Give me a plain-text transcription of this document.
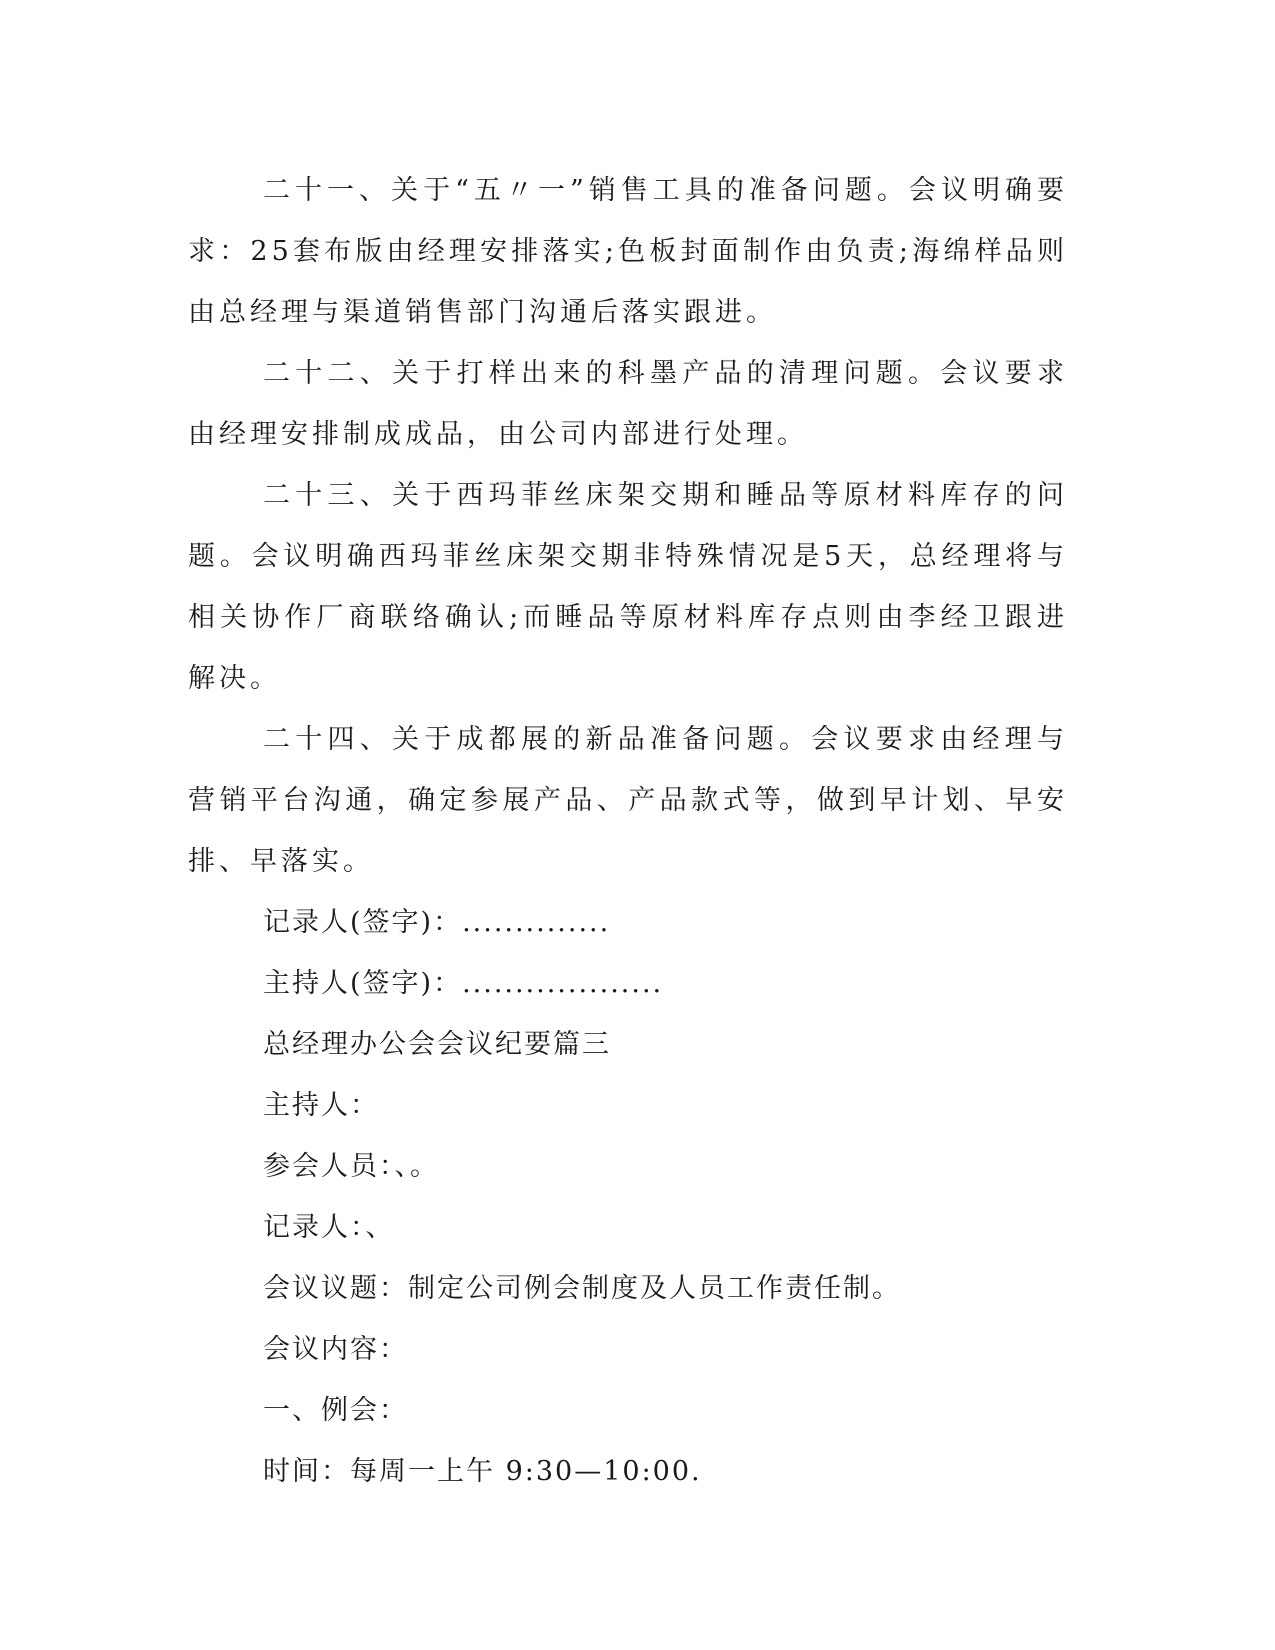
二十一、关于“五〃一”销售工具的准备问题。会议明确要求：25套布版由经理安排落实;色板封面制作由负责;海绵样品则由总经理与渠道销售部门沟通后落实跟进。

二十二、关于打样出来的科墨产品的清理问题。会议要求由经理安排制成成品，由公司内部进行处理。

二十三、关于西玛菲丝床架交期和睡品等原材料库存的问题。会议明确西玛菲丝床架交期非特殊情况是5天，总经理将与相关协作厂商联络确认;而睡品等原材料库存点则由李经卫跟进解决。

二十四、关于成都展的新品准备问题。会议要求由经理与营销平台沟通，确定参展产品、产品款式等，做到早计划、早安排、早落实。

记录人(签字)：..............

主持人(签字)：...................

总经理办公会会议纪要篇三

主持人：

参会人员：、。

记录人：、

会议议题：制定公司例会制度及人员工作责任制。

会议内容：

一、例会：

时间：每周一上午 9:30—10:00.
